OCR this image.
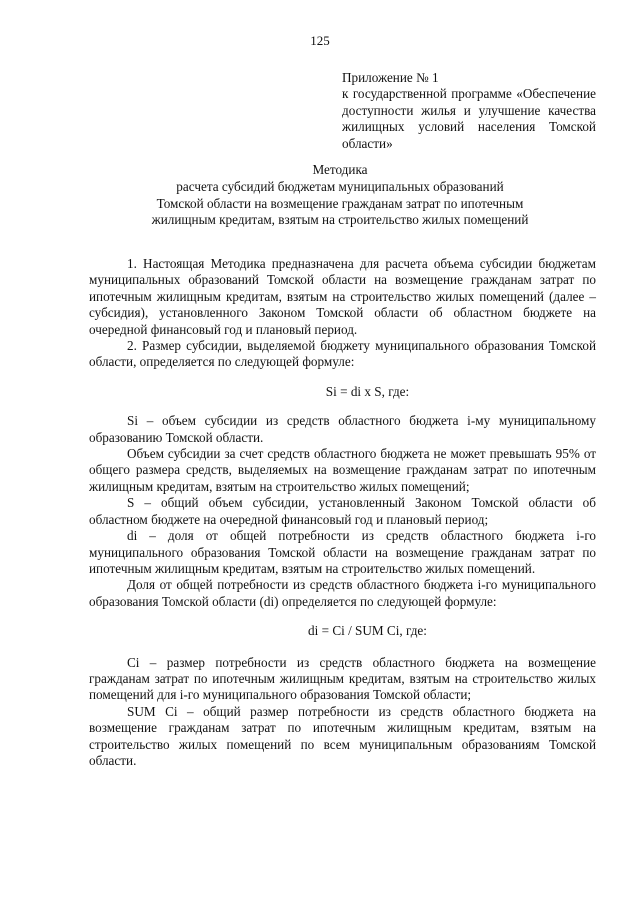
125

Приложение № 1

к государственной программе «Обеспечение доступности жилья и улучшение качества жилищных условий населения Томской области»

Методика

расчета субсидий бюджетам муниципальных образований

Томской области на возмещение гражданам затрат по ипотечным

жилищным кредитам, взятым на строительство жилых помещений

1. Настоящая Методика предназначена для расчета объема субсидии бюджетам муниципальных образований Томской области на возмещение гражданам затрат по ипотечным жилищным кредитам, взятым на строительство жилых помещений (далее – субсидия), установленного Законом Томской области об областном бюджете на очередной финансовый год и плановый период.

2. Размер субсидии, выделяемой бюджету муниципального образования Томской области, определяется по следующей формуле:

Si = di x S, где:

Si – объем субсидии из средств областного бюджета i-му муниципальному образованию Томской области.

Объем субсидии за счет средств областного бюджета не может превышать 95% от общего размера средств, выделяемых на возмещение гражданам затрат по ипотечным жилищным кредитам, взятым на строительство жилых помещений;

S – общий объем субсидии, установленный Законом Томской области об областном бюджете на очередной финансовый год и плановый период;

di – доля от общей потребности из средств областного бюджета i-го муниципального образования Томской области на возмещение гражданам затрат по ипотечным жилищным кредитам, взятым на строительство жилых помещений.

Доля от общей потребности из средств областного бюджета i-го муниципального образования Томской области (di) определяется по следующей формуле:

di = Ci / SUM Ci, где:

Ci – размер потребности из средств областного бюджета на возмещение гражданам затрат по ипотечным жилищным кредитам, взятым на строительство жилых помещений для i-го муниципального образования Томской области;

SUM Ci – общий размер потребности из средств областного бюджета на возмещение гражданам затрат по ипотечным жилищным кредитам, взятым на строительство жилых помещений по всем муниципальным образованиям Томской области.
